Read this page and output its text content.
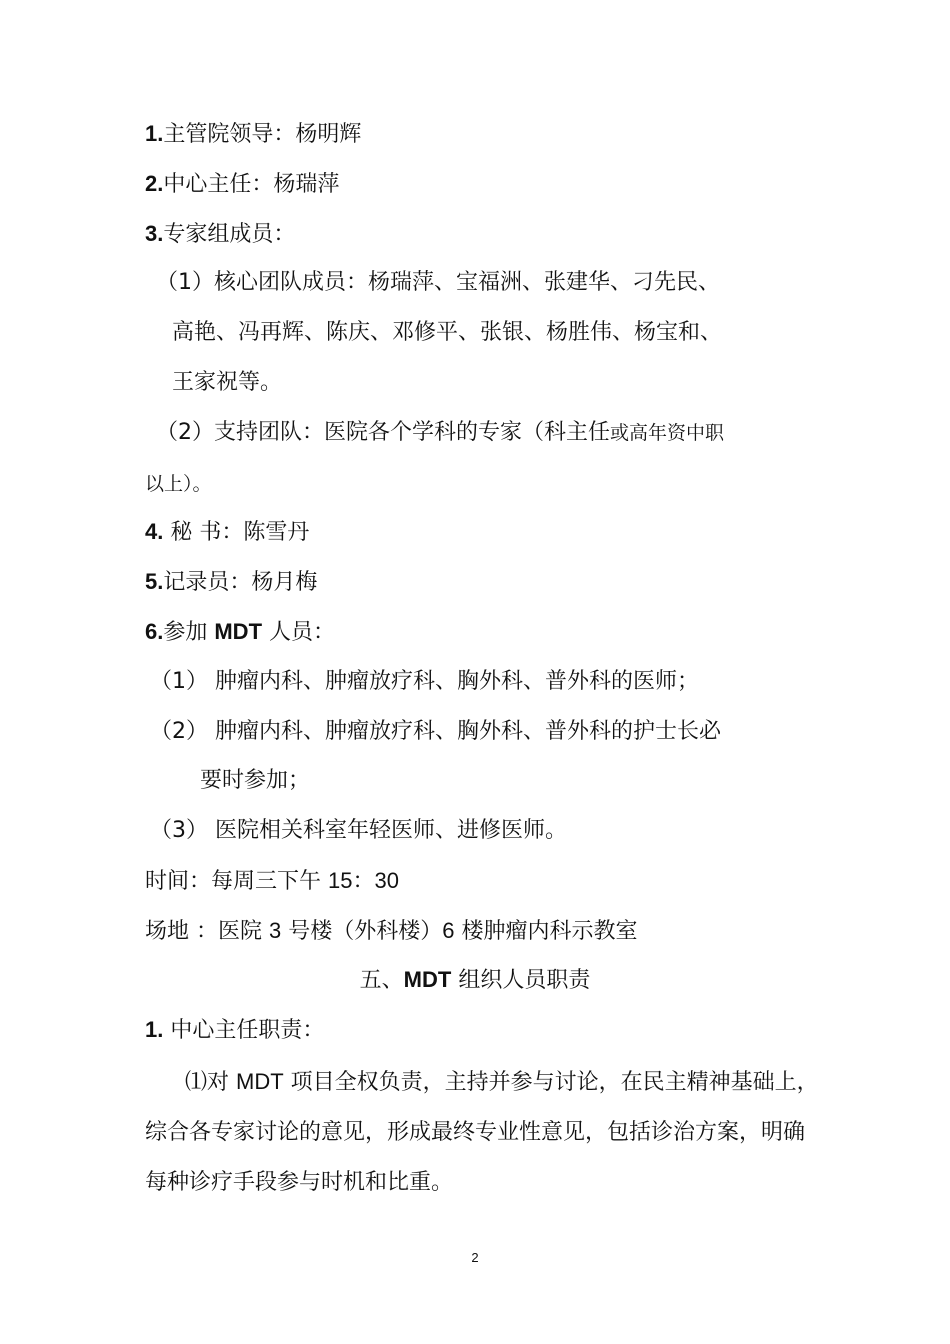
1.主管院领导：杨明辉

2.中心主任：杨瑞萍

3.专家组成员：

（1）核心团队成员：杨瑞萍、宝福洲、张建华、刁先民、

高艳、冯再辉、陈庆、邓修平、张银、杨胜伟、杨宝和、

王家祝等。

（2）支持团队：医院各个学科的专家（科主任或高年资中职

以上）。

4. 秘 书：陈雪丹

5.记录员：杨月梅

6.参加 MDT 人员：

（1） 肿瘤内科、肿瘤放疗科、胸外科、普外科的医师；

（2） 肿瘤内科、肿瘤放疗科、胸外科、普外科的护士长必

要时参加；

（3） 医院相关科室年轻医师、进修医师。

时间：每周三下午 15：30

场地 ：医院 3 号楼（外科楼）6 楼肿瘤内科示教室

五、MDT 组织人员职责

1. 中心主任职责：

⑴对 MDT 项目全权负责，主持并参与讨论，在民主精神基础上，

综合各专家讨论的意见，形成最终专业性意见，包括诊治方案，明确

每种诊疗手段参与时机和比重。

2
